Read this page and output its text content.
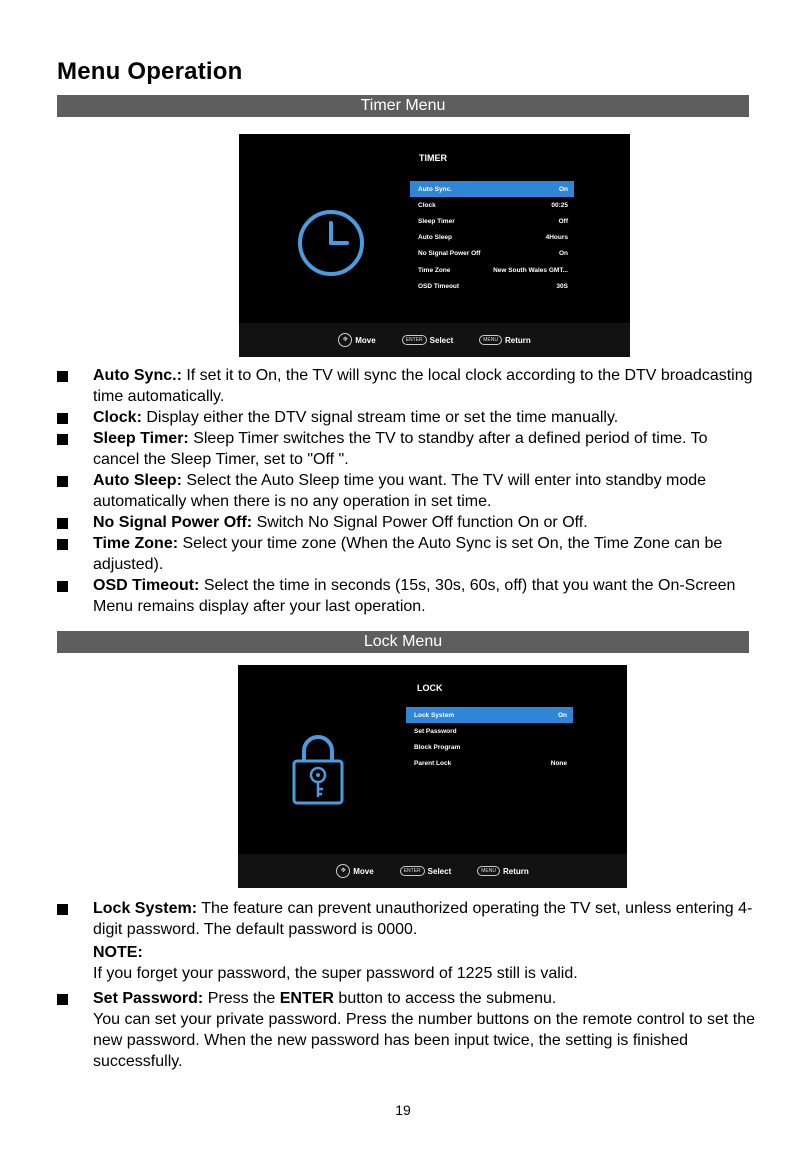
Menu Operation
Timer Menu
TIMER
Auto Sync.	On
Clock	00:25
Sleep Timer	Off
Auto Sleep	4Hours
No Signal Power Off	On
Time Zone	New South Wales GMT...
OSD Timeout	30S
✥ Move	ENTER Select	MENU Return
Auto Sync.: If set it to On, the TV will sync the local clock according to the DTV broadcasting time automatically.
Clock: Display either the DTV signal stream time or set the time manually.
Sleep Timer: Sleep Timer switches the TV to standby after a defined period of time. To cancel the Sleep Timer, set to "Off ".
Auto Sleep: Select the Auto Sleep time you want. The TV will enter into standby mode automatically when there is no any operation in set time.
No Signal Power Off: Switch No Signal Power Off function On or Off.
Time Zone: Select your time zone (When the Auto Sync is set On, the Time Zone can be adjusted).
OSD Timeout: Select the time in seconds (15s, 30s, 60s, off) that you want the On-Screen Menu remains display after your last operation.
Lock Menu
LOCK
Lock System	On
Set Password
Block Program
Parent Lock	None
✥ Move	ENTER Select	MENU Return
Lock System: The feature can prevent unauthorized operating the TV set, unless entering 4-digit password. The default password is 0000.
NOTE:
If you forget your password, the super password of 1225 still is valid.
Set Password: Press the ENTER button to access the submenu.
You can set your private password. Press the number buttons on the remote control to set the new password. When the new password has been input twice, the setting is finished successfully.
19
